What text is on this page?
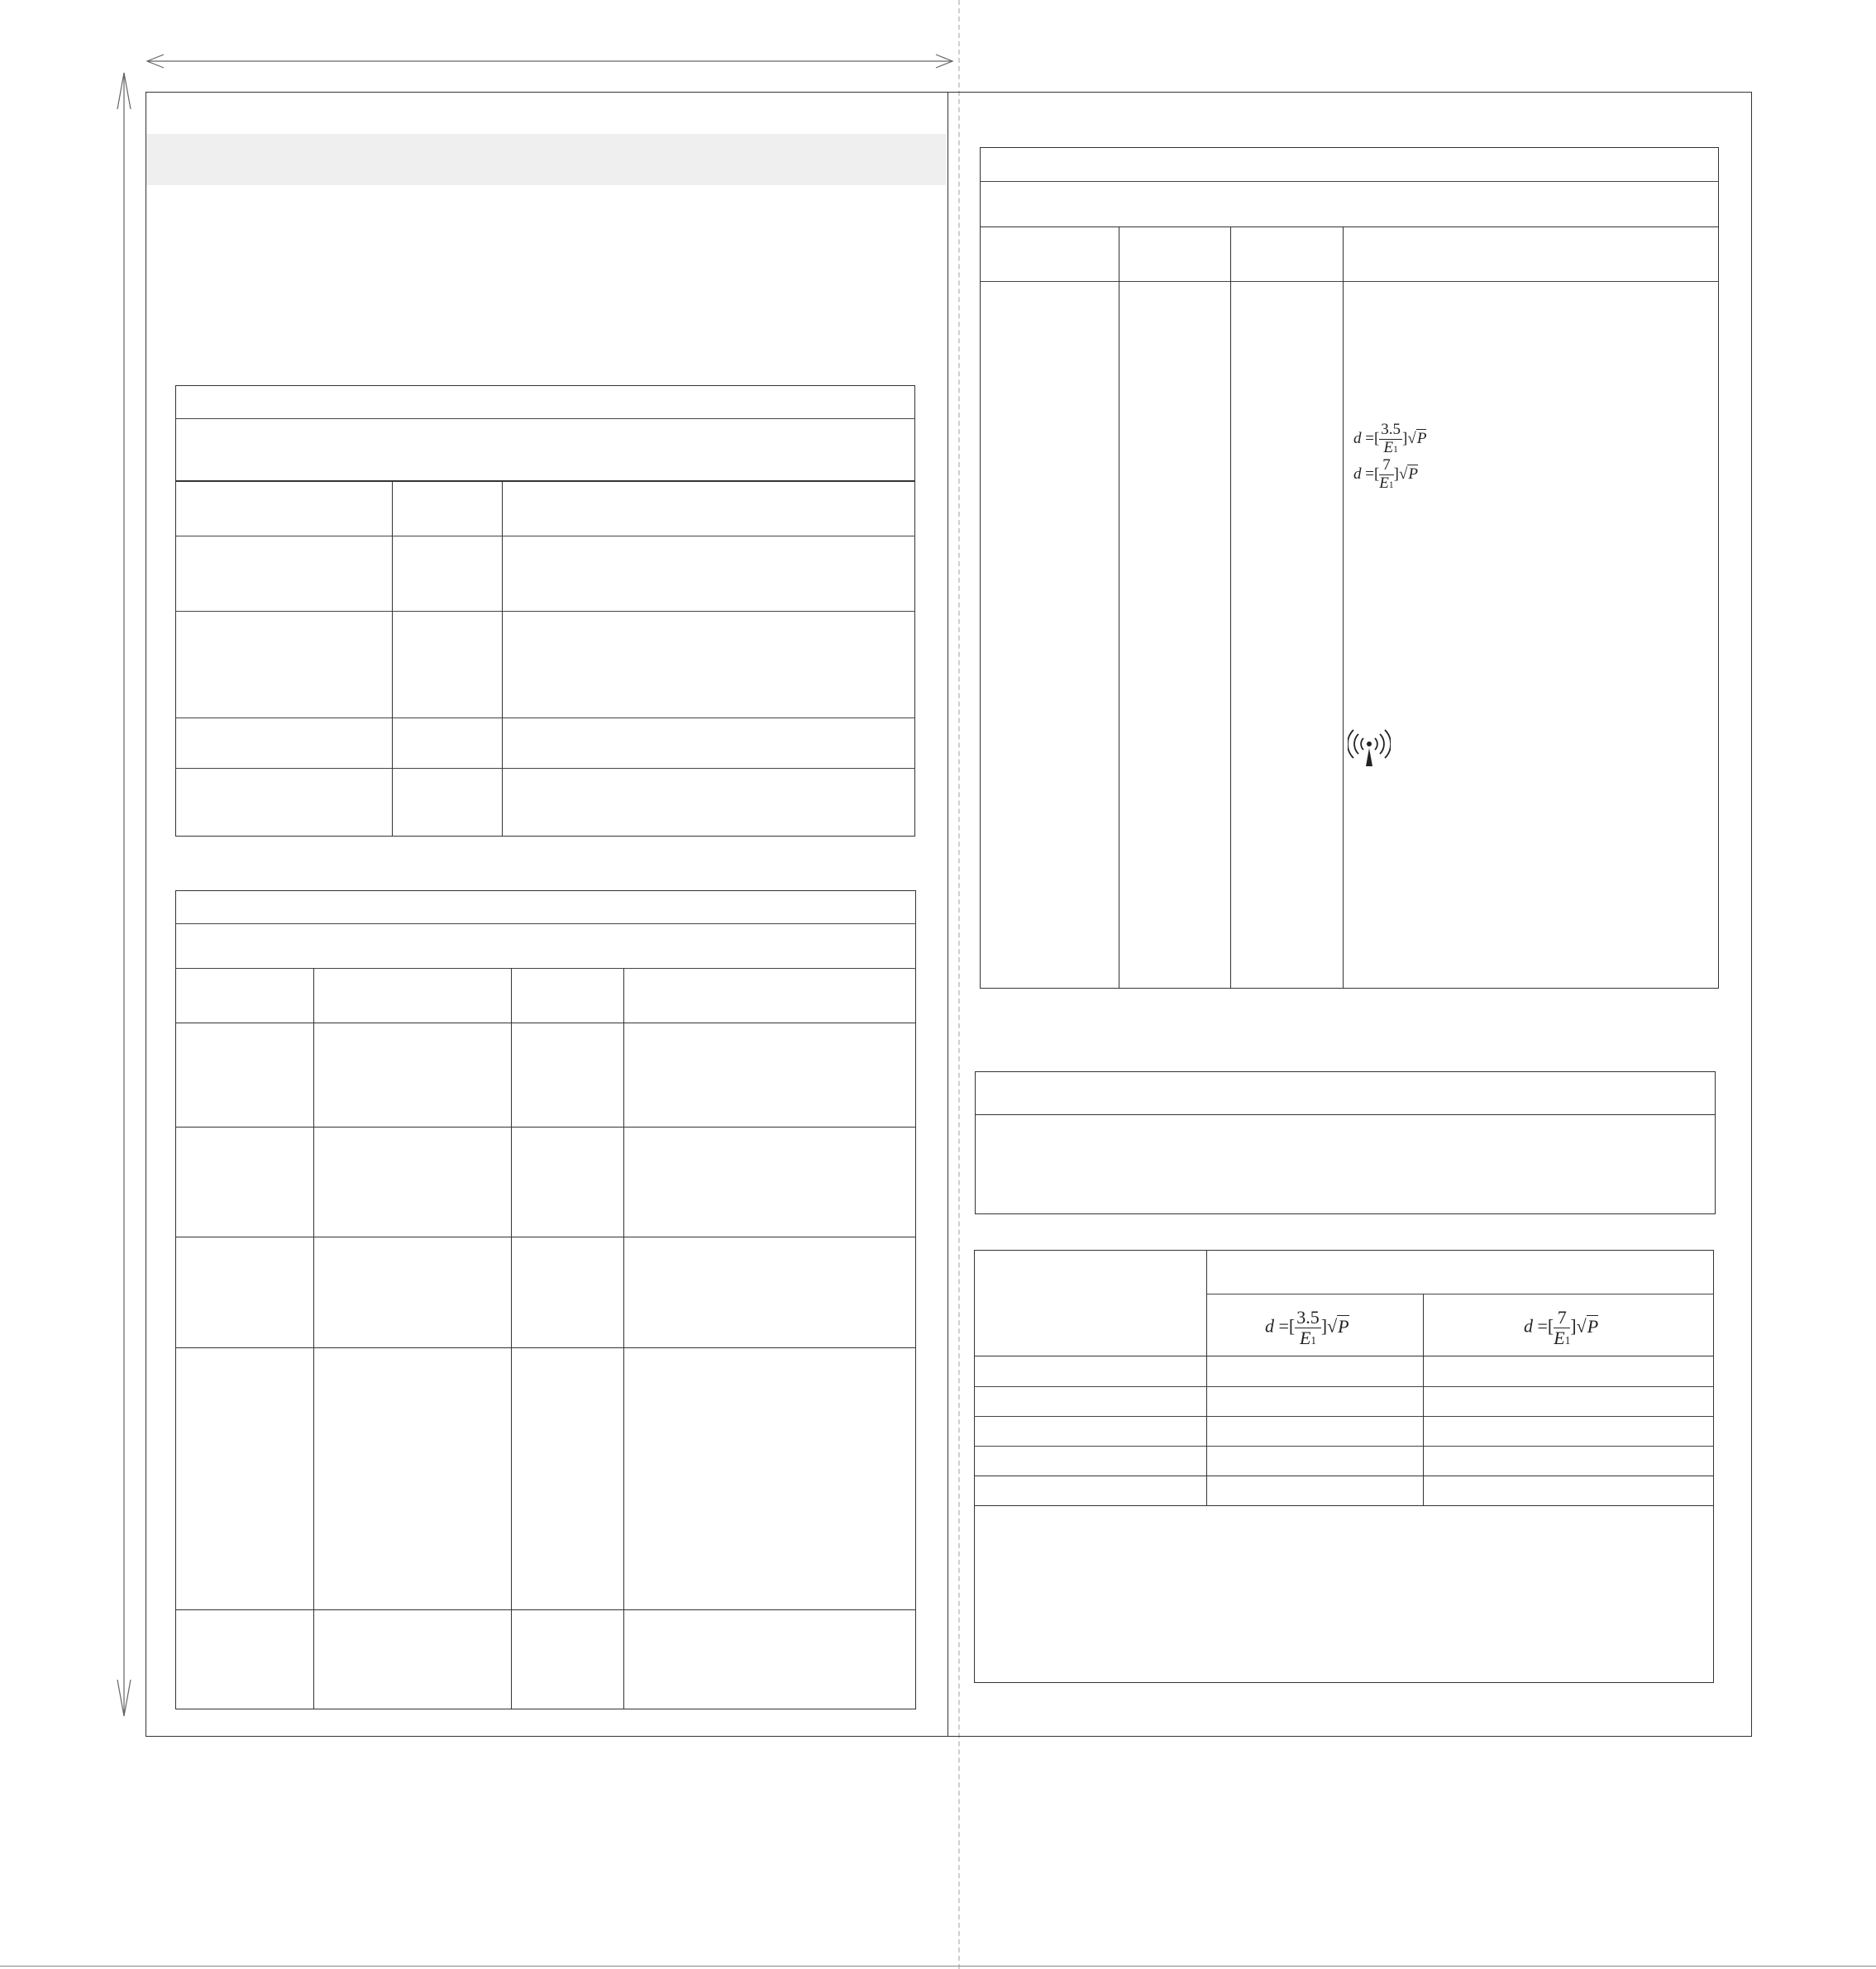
d =[ $\frac{3.5}{E1} ]√P$
d =[ $\frac{7}{E1} ]√P$
d =[ $\frac{3.5}{E1} ]√P$	d =[ $\frac{7}{E1} ]√P$
